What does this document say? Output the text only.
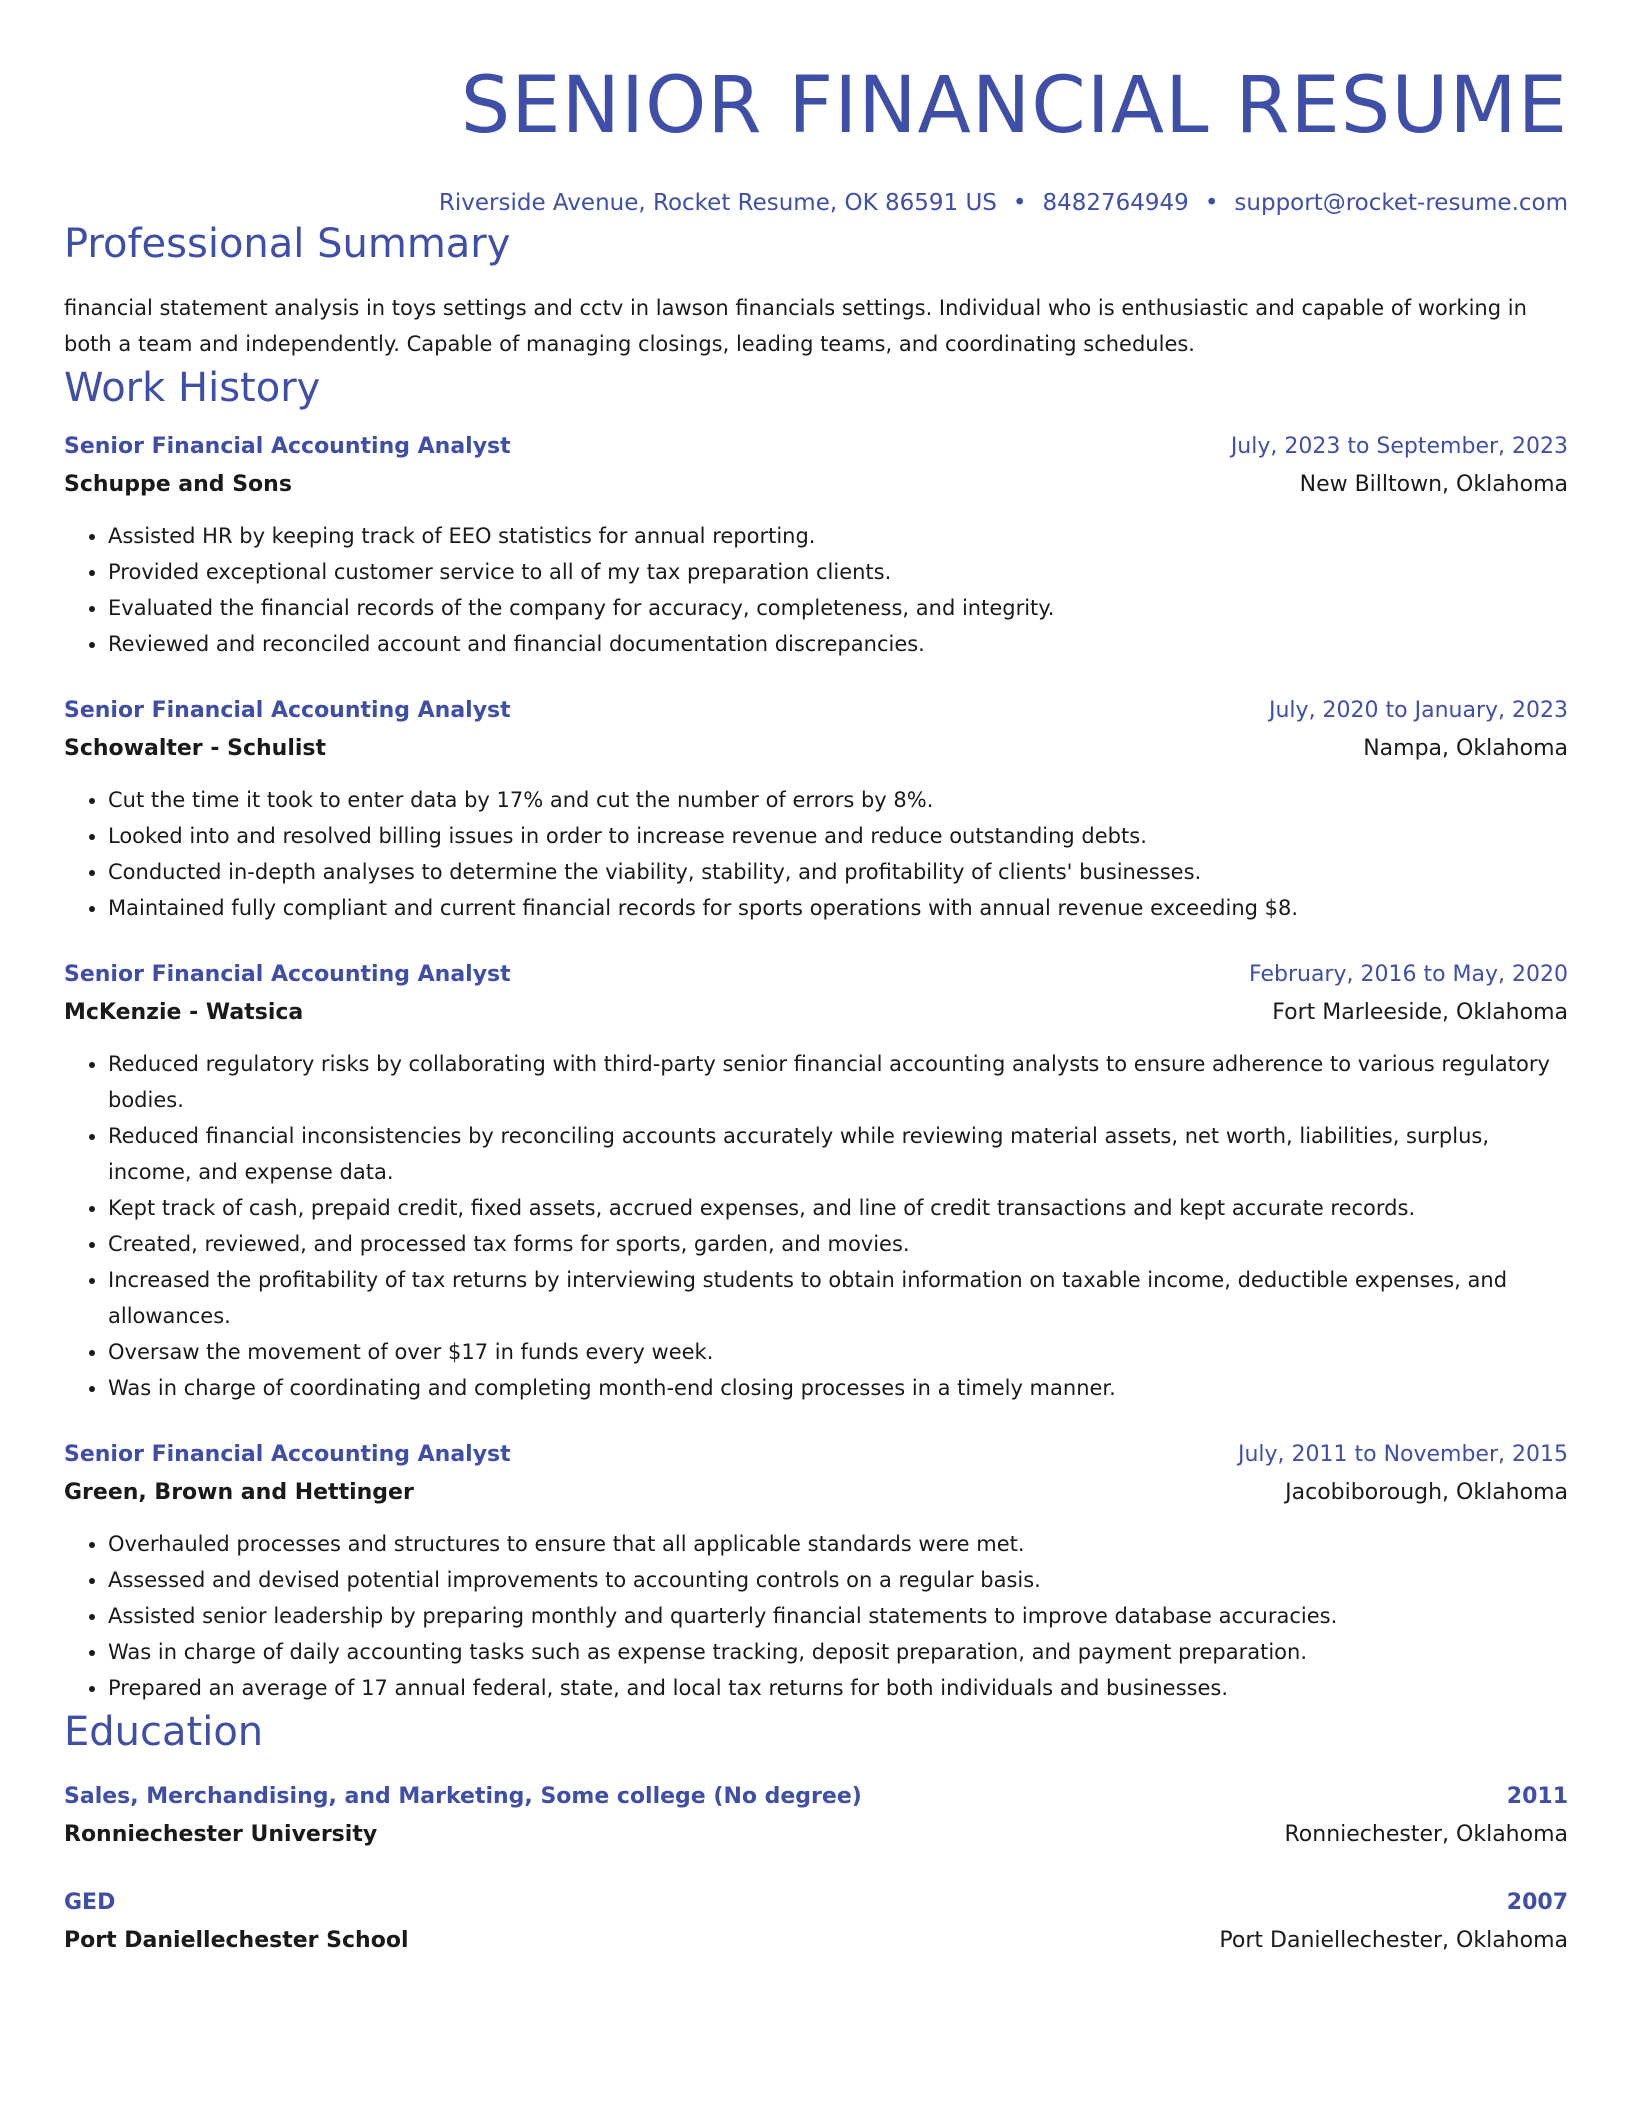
SENIOR FINANCIAL RESUME
Riverside Avenue, Rocket Resume, OK 86591 US • 8482764949 • support@rocket-resume.com
Professional Summary
financial statement analysis in toys settings and cctv in lawson financials settings. Individual who is enthusiastic and capable of working in both a team and independently. Capable of managing closings, leading teams, and coordinating schedules.
Work History
Senior Financial Accounting Analyst	July, 2023 to September, 2023
Schuppe and Sons	New Billtown, Oklahoma
• Assisted HR by keeping track of EEO statistics for annual reporting.
• Provided exceptional customer service to all of my tax preparation clients.
• Evaluated the financial records of the company for accuracy, completeness, and integrity.
• Reviewed and reconciled account and financial documentation discrepancies.
Senior Financial Accounting Analyst	July, 2020 to January, 2023
Schowalter - Schulist	Nampa, Oklahoma
• Cut the time it took to enter data by 17% and cut the number of errors by 8%.
• Looked into and resolved billing issues in order to increase revenue and reduce outstanding debts.
• Conducted in-depth analyses to determine the viability, stability, and profitability of clients' businesses.
• Maintained fully compliant and current financial records for sports operations with annual revenue exceeding $8.
Senior Financial Accounting Analyst	February, 2016 to May, 2020
McKenzie - Watsica	Fort Marleeside, Oklahoma
• Reduced regulatory risks by collaborating with third-party senior financial accounting analysts to ensure adherence to various regulatory bodies.
• Reduced financial inconsistencies by reconciling accounts accurately while reviewing material assets, net worth, liabilities, surplus, income, and expense data.
• Kept track of cash, prepaid credit, fixed assets, accrued expenses, and line of credit transactions and kept accurate records.
• Created, reviewed, and processed tax forms for sports, garden, and movies.
• Increased the profitability of tax returns by interviewing students to obtain information on taxable income, deductible expenses, and allowances.
• Oversaw the movement of over $17 in funds every week.
• Was in charge of coordinating and completing month-end closing processes in a timely manner.
Senior Financial Accounting Analyst	July, 2011 to November, 2015
Green, Brown and Hettinger	Jacobiborough, Oklahoma
• Overhauled processes and structures to ensure that all applicable standards were met.
• Assessed and devised potential improvements to accounting controls on a regular basis.
• Assisted senior leadership by preparing monthly and quarterly financial statements to improve database accuracies.
• Was in charge of daily accounting tasks such as expense tracking, deposit preparation, and payment preparation.
• Prepared an average of 17 annual federal, state, and local tax returns for both individuals and businesses.
Education
Sales, Merchandising, and Marketing, Some college (No degree)	2011
Ronniechester University	Ronniechester, Oklahoma
GED	2007
Port Daniellechester School	Port Daniellechester, Oklahoma
